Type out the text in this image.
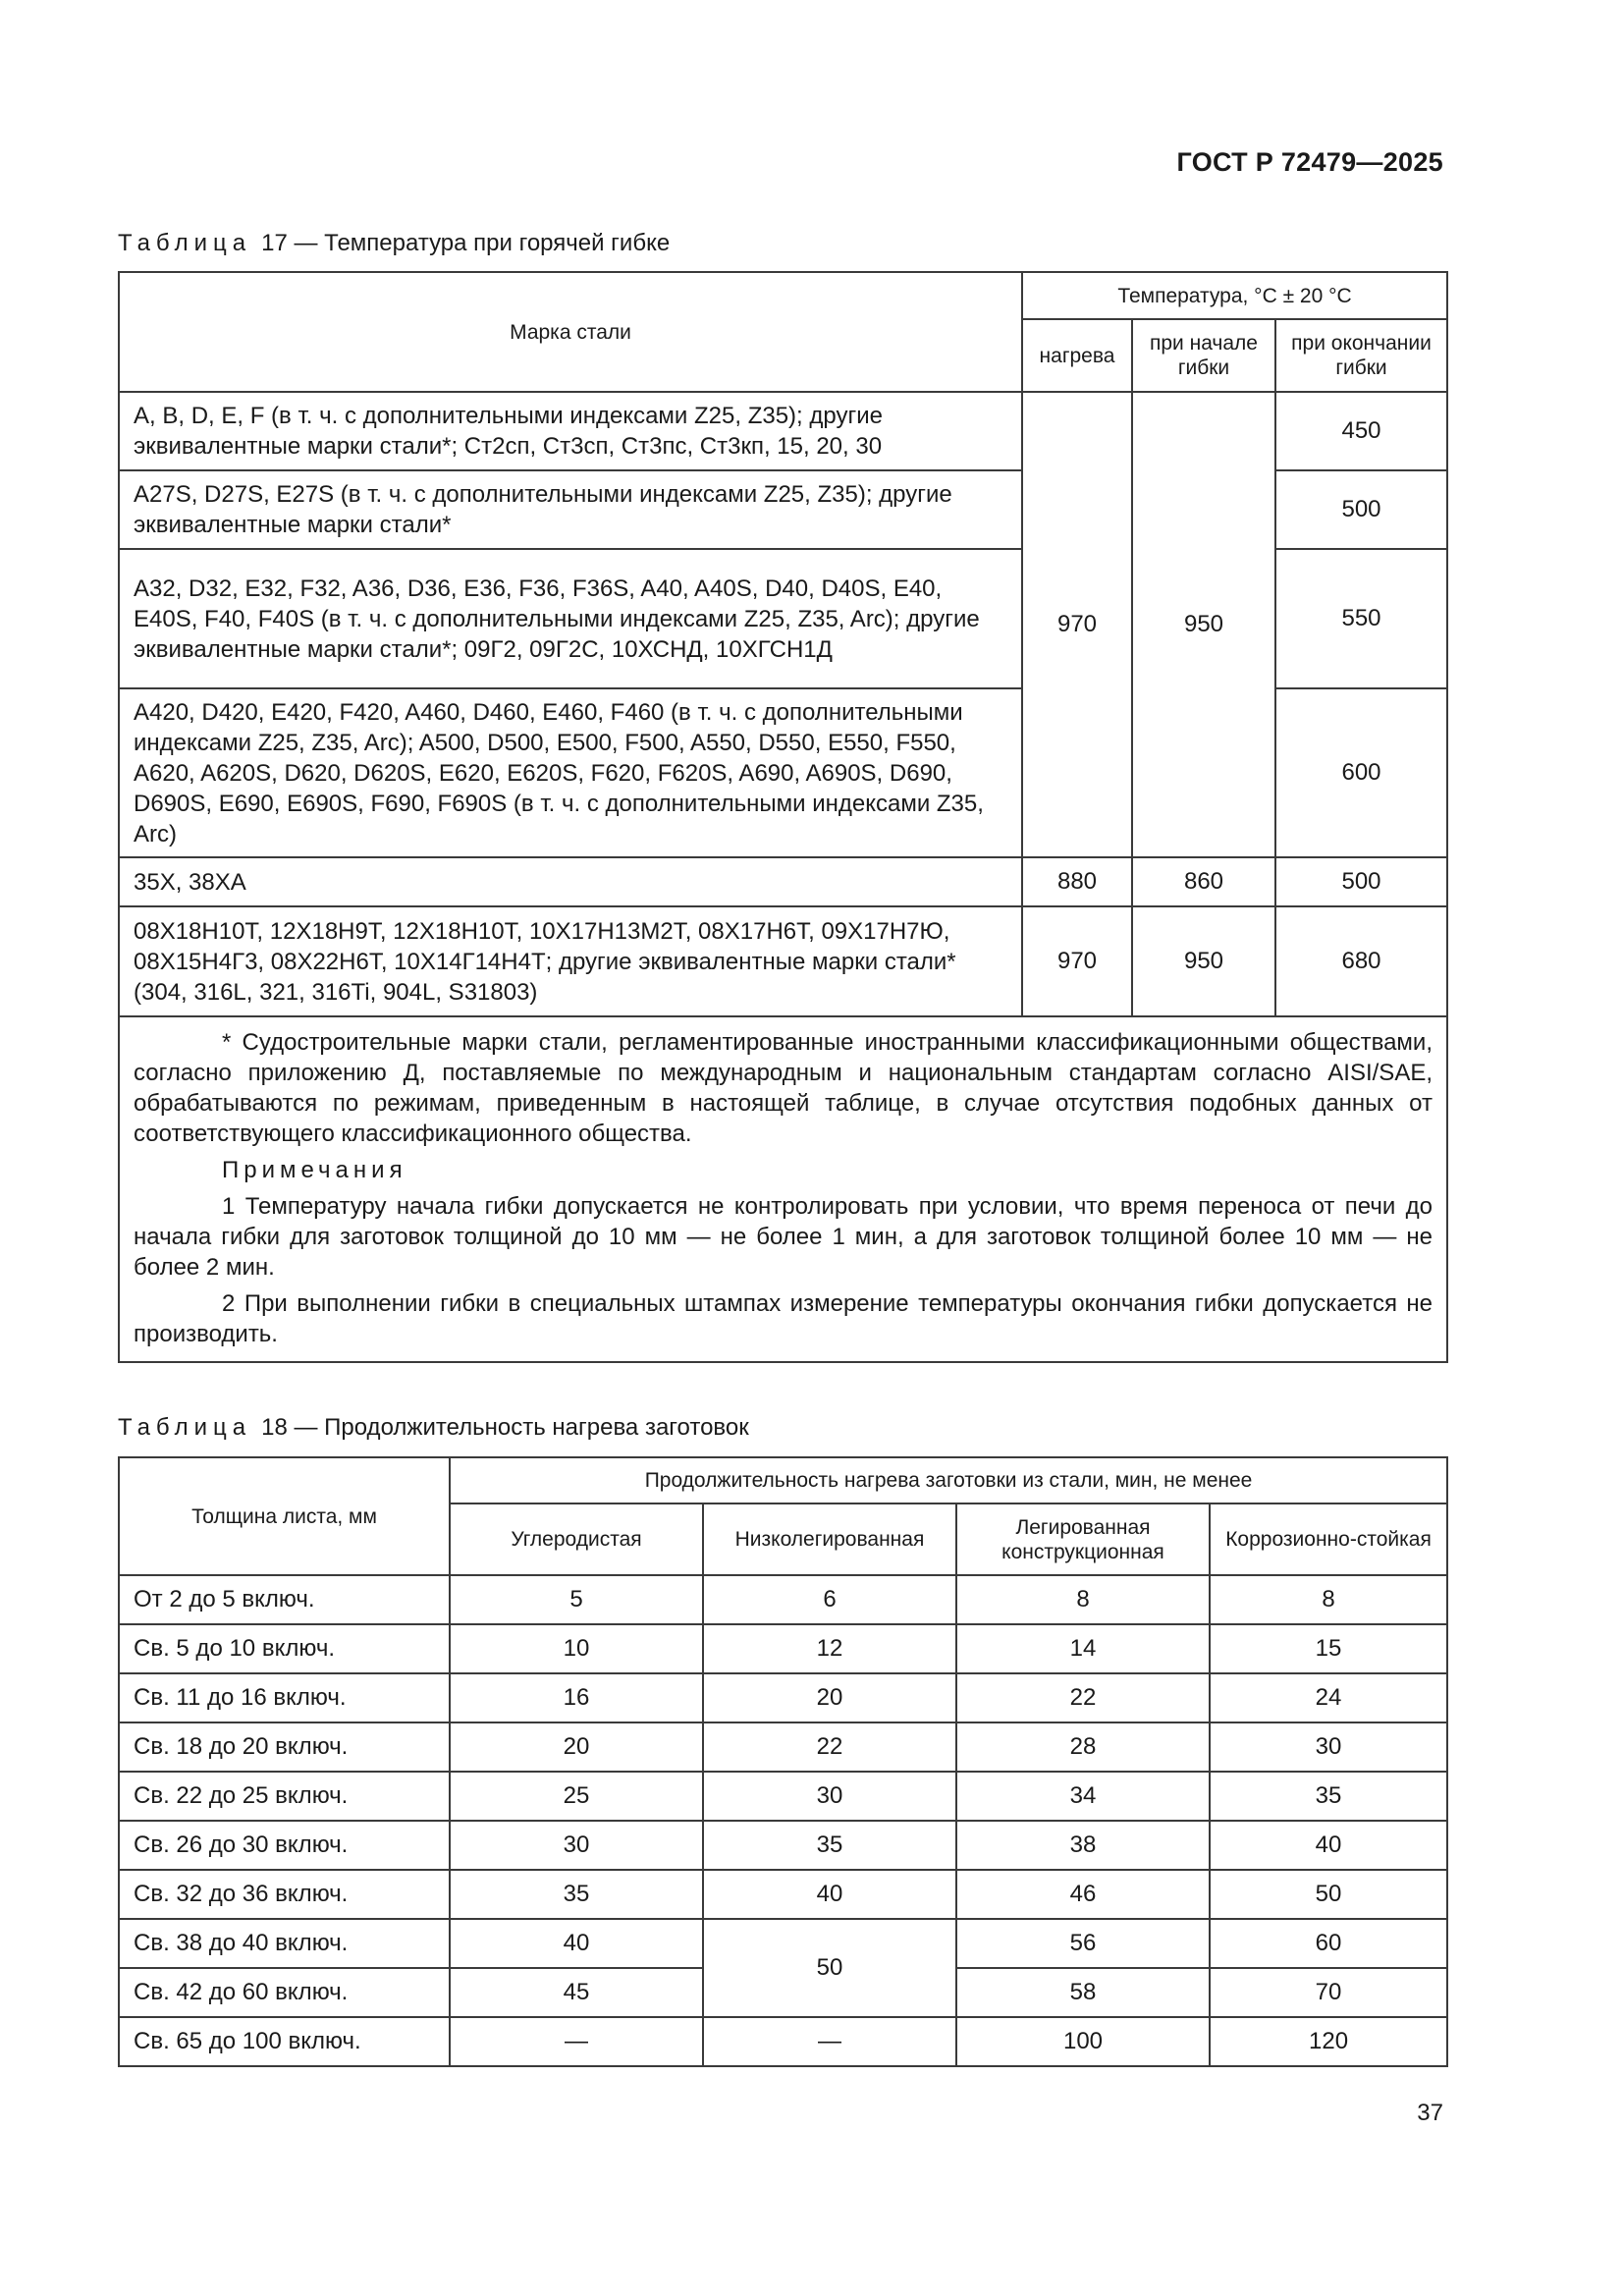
ГОСТ Р 72479—2025
Таблица 17 — Температура при горячей гибке
Марка стали	Температура, °С ± 20 °С		
	нагрева	при начале гибки	при окончании гибки
A, B, D, E, F (в т. ч. с дополнительными индексами Z25, Z35); другие эквивалентные марки стали*; Ст2сп, Ст3сп, Ст3пс, Ст3кп, 15, 20, 30	970	950	450
A27S, D27S, E27S (в т. ч. с дополнительными индексами Z25, Z35); другие эквивалентные марки стали*			500
A32, D32, E32, F32, A36, D36, E36, F36, F36S, A40, A40S, D40, D40S, E40, E40S, F40, F40S (в т. ч. с дополнительными индексами Z25, Z35, Arc); другие эквивалентные марки стали*; 09Г2, 09Г2С, 10ХСНД, 10ХГСН1Д			550
A420, D420, E420, F420, A460, D460, E460, F460 (в т. ч. с дополнительными индексами Z25, Z35, Arc); A500, D500, E500, F500, A550, D550, E550, F550, A620, A620S, D620, D620S, E620, E620S, F620, F620S, A690, A690S, D690, D690S, E690, E690S, F690, F690S (в т. ч. с дополнительными индексами Z35, Arc)			600
35Х, 38ХА	880	860	500
08Х18Н10Т, 12Х18Н9Т, 12Х18Н10Т, 10Х17Н13М2Т, 08Х17Н6Т, 09Х17Н7Ю, 08Х15Н4Г3, 08Х22Н6Т, 10Х14Г14Н4Т; другие эквивалентные марки стали* (304, 316L, 321, 316Ti, 904L, S31803)	970	950	680

* Судостроительные марки стали, регламентированные иностранными классификационными обществами, согласно приложению Д, поставляемые по международным и национальным стандартам согласно AISI/SAE, обрабатываются по режимам, приведенным в настоящей таблице, в случае отсутствия подобных данных от соответствующего классификационного общества.

Примечания

1 Температуру начала гибки допускается не контролировать при условии, что время переноса от печи до начала гибки для заготовок толщиной до 10 мм — не более 1 мин, а для заготовок толщиной более 10 мм — не более 2 мин.

2 При выполнении гибки в специальных штампах измерение температуры окончания гибки допускается не производить.			

Таблица 18 — Продолжительность нагрева заготовок
Толщина листа, мм	Продолжительность нагрева заготовки из стали, мин, не менее			
	Углеродистая	Низколегированная	Легированная конструкционная	Коррозионно-стойкая
От 2 до 5 включ.	5	6	8	8
Св. 5 до 10 включ.	10	12	14	15
Св. 11 до 16 включ.	16	20	22	24
Св. 18 до 20 включ.	20	22	28	30
Св. 22 до 25 включ.	25	30	34	35
Св. 26 до 30 включ.	30	35	38	40
Св. 32 до 36 включ.	35	40	46	50
Св. 38 до 40 включ.	40	50	56	60
Св. 42 до 60 включ.	45		58	70
Св. 65 до 100 включ.	—	—	100	120
37
